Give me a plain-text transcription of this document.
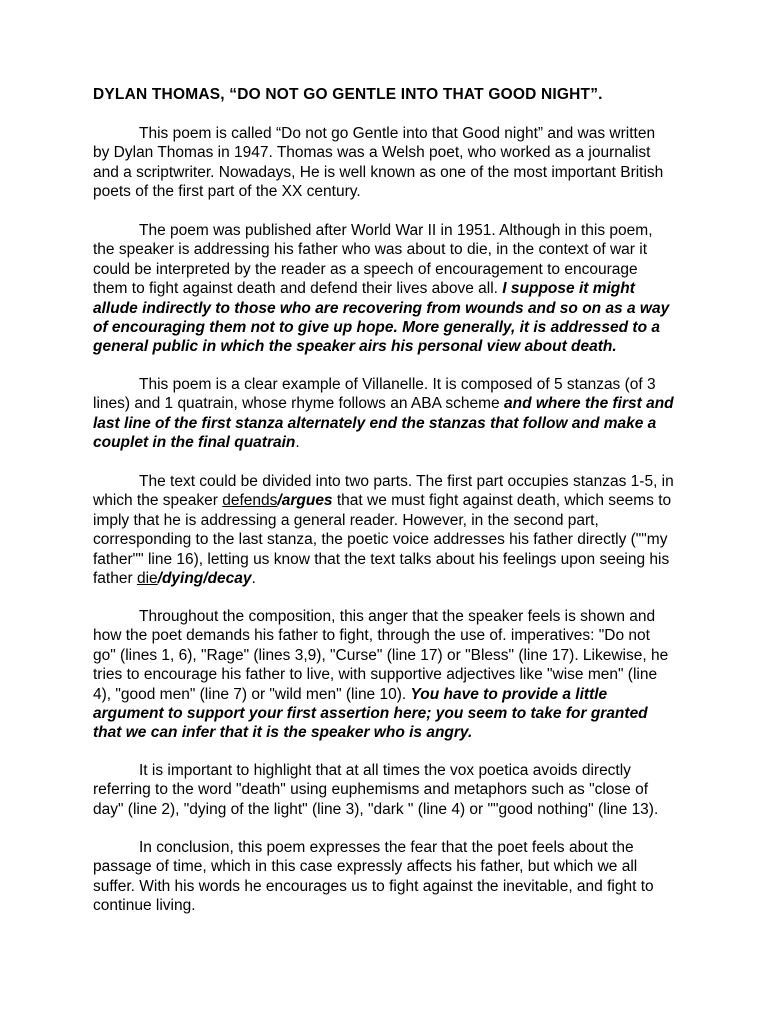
DYLAN THOMAS, “DO NOT GO GENTLE INTO THAT GOOD NIGHT”.

This poem is called “Do not go Gentle into that Good night” and was written
by Dylan Thomas in 1947. Thomas was a Welsh poet, who worked as a journalist
and a scriptwriter. Nowadays, He is well known as one of the most important British
poets of the first part of the XX century.

The poem was published after World War II in 1951. Although in this poem,
the speaker is addressing his father who was about to die, in the context of war it
could be interpreted by the reader as a speech of encouragement to encourage
them to fight against death and defend their lives above all. I suppose it might
allude indirectly to those who are recovering from wounds and so on as a way
of encouraging them not to give up hope. More generally, it is addressed to a
general public in which the speaker airs his personal view about death.

This poem is a clear example of Villanelle. It is composed of 5 stanzas (of 3
lines) and 1 quatrain, whose rhyme follows an ABA scheme and where the first and
last line of the first stanza alternately end the stanzas that follow and make a
couplet in the final quatrain.

The text could be divided into two parts. The first part occupies stanzas 1-5, in
which the speaker defends/argues that we must fight against death, which seems to
imply that he is addressing a general reader. However, in the second part,
corresponding to the last stanza, the poetic voice addresses his father directly (""my
father"" line 16), letting us know that the text talks about his feelings upon seeing his
father die/dying/decay.

Throughout the composition, this anger that the speaker feels is shown and
how the poet demands his father to fight, through the use of. imperatives: "Do not
go" (lines 1, 6), "Rage" (lines 3,9), "Curse" (line 17) or "Bless" (line 17). Likewise, he
tries to encourage his father to live, with supportive adjectives like "wise men" (line
4), "good men" (line 7) or "wild men" (line 10). You have to provide a little
argument to support your first assertion here; you seem to take for granted
that we can infer that it is the speaker who is angry.

It is important to highlight that at all times the vox poetica avoids directly
referring to the word "death" using euphemisms and metaphors such as "close of
day" (line 2), "dying of the light" (line 3), "dark " (line 4) or ""good nothing" (line 13).

In conclusion, this poem expresses the fear that the poet feels about the
passage of time, which in this case expressly affects his father, but which we all
suffer. With his words he encourages us to fight against the inevitable, and fight to
continue living.
